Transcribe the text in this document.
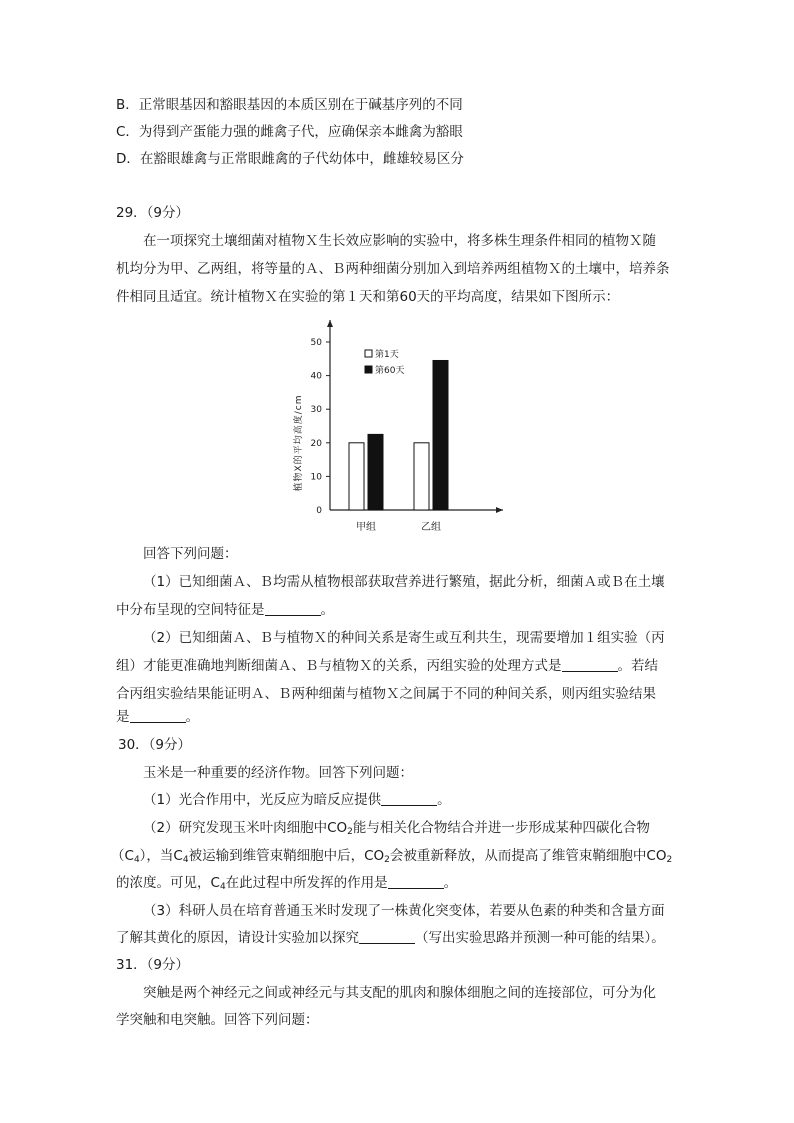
B．正常眼基因和豁眼基因的本质区别在于碱基序列的不同
C．为得到产蛋能力强的雌禽子代，应确保亲本雌禽为豁眼
D．在豁眼雄禽与正常眼雌禽的子代幼体中，雌雄较易区分
29．（9分）
在一项探究土壤细菌对植物Ｘ生长效应影响的实验中，将多株生理条件相同的植物Ｘ随
机均分为甲、乙两组，将等量的Ａ、Ｂ两种细菌分别加入到培养两组植物Ｘ的土壤中，培养条
件相同且适宜。统计植物Ｘ在实验的第１天和第60天的平均高度，结果如下图所示：
0
10
20
30
40
50
甲组	乙组
第1天
第60天
植物X的平均高度/cm
回答下列问题：
（1）已知细菌Ａ、Ｂ均需从植物根部获取营养进行繁殖，据此分析，细菌Ａ或Ｂ在土壤
中分布呈现的空间特征是	。
（2）已知细菌Ａ、Ｂ与植物Ｘ的种间关系是寄生或互利共生，现需要增加１组实验（丙
组）才能更准确地判断细菌Ａ、Ｂ与植物Ｘ的关系，丙组实验的处理方式是	。若结
合丙组实验结果能证明Ａ、Ｂ两种细菌与植物Ｘ之间属于不同的种间关系，则丙组实验结果
是	。
30．（9分）
玉米是一种重要的经济作物。回答下列问题：
（1）光合作用中，光反应为暗反应提供	。
（2）研究发现玉米叶肉细胞中$CO_2$能与相关化合物结合并进一步形成某种四碳化合物
$(C_4)$，当$C_4$被运输到维管束鞘细胞中后，$CO_2$会被重新释放，从而提高了维管束鞘细胞中$CO_2$
的浓度。可见，$C_4$在此过程中所发挥的作用是	。
（3）科研人员在培育普通玉米时发现了一株黄化突变体，若要从色素的种类和含量方面
了解其黄化的原因，请设计实验加以探究	（写出实验思路并预测一种可能的结果）。
31．（9分）
突触是两个神经元之间或神经元与其支配的肌肉和腺体细胞之间的连接部位，可分为化
学突触和电突触。回答下列问题：
